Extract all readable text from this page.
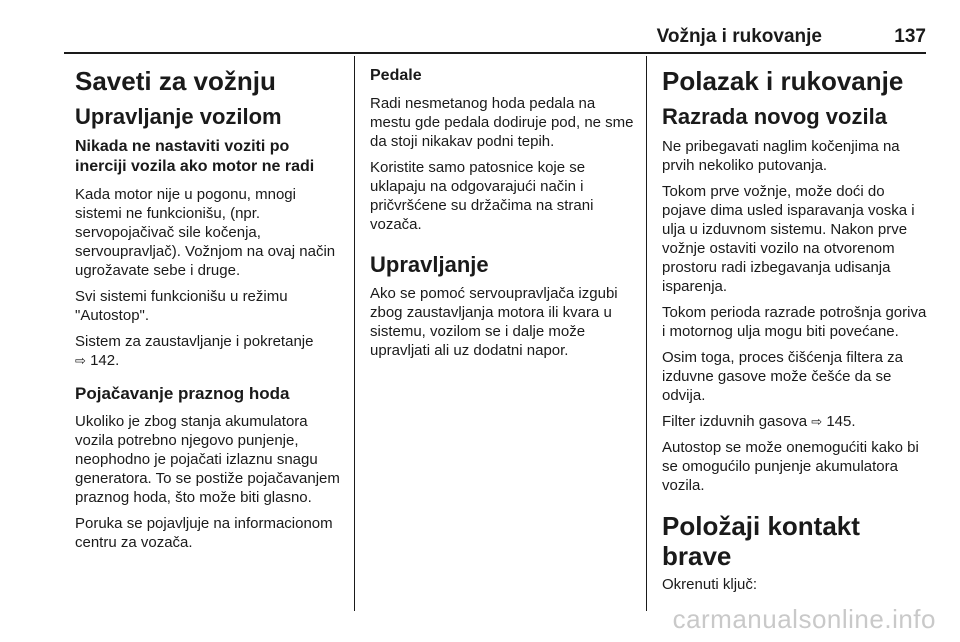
Vožnja i rukovanje	137
Saveti za vožnju
Upravljanje vozilom
Nikada ne nastaviti voziti po inerciji vozila ako motor ne radi

Kada motor nije u pogonu, mnogi sistemi ne funkcionišu, (npr. servopojačivač sile kočenja, servoupravljač). Vožnjom na ovaj način ugrožavate sebe i druge.

Svi sistemi funkcionišu u režimu "Autostop".

Sistem za zaustavljanje i pokretanje
⇨ 142.

Pojačavanje praznog hoda

Ukoliko je zbog stanja akumulatora vozila potrebno njegovo punjenje, neophodno je pojačati izlaznu snagu generatora. To se postiže pojačavanjem praznog hoda, što može biti glasno.

Poruka se pojavljuje na informacionom centru za vozača.

Pedale

Radi nesmetanog hoda pedala na mestu gde pedala dodiruje pod, ne sme da stoji nikakav podni tepih.

Koristite samo patosnice koje se uklapaju na odgovarajući način i pričvršćene su držačima na strani vozača.

Upravljanje

Ako se pomoć servoupravljača izgubi zbog zaustavljanja motora ili kvara u sistemu, vozilom se i dalje može upravljati ali uz dodatni napor.

Polazak i rukovanje
Razrada novog vozila

Ne pribegavati naglim kočenjima na prvih nekoliko putovanja.

Tokom prve vožnje, može doći do pojave dima usled isparavanja voska i ulja u izduvnom sistemu. Nakon prve vožnje ostaviti vozilo na otvorenom prostoru radi izbegavanja udisanja isparenja.

Tokom perioda razrade potrošnja goriva i motornog ulja mogu biti povećane.

Osim toga, proces čišćenja filtera za izduvne gasove može češće da se odvija.

Filter izduvnih gasova ⇨ 145.

Autostop se može onemogućiti kako bi se omogućilo punjenje akumulatora vozila.

Položaji kontakt brave

Okrenuti ključ:

carmanualsonline.info
